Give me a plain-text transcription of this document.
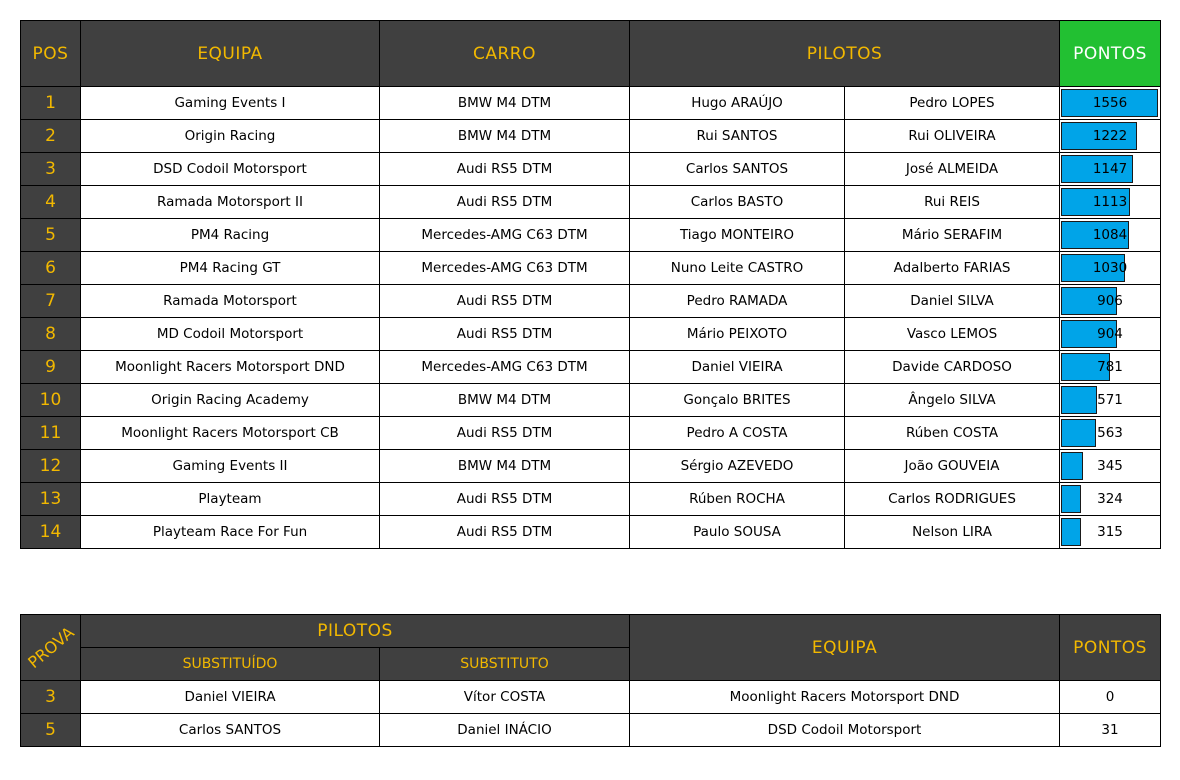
POS	EQUIPA	CARRO	PILOTOS		PONTOS
1	Gaming Events I	BMW M4 DTM	Hugo ARAÚJO	Pedro LOPES	1556
2	Origin Racing	BMW M4 DTM	Rui SANTOS	Rui OLIVEIRA	1222
3	DSD Codoil Motorsport	Audi RS5 DTM	Carlos SANTOS	José ALMEIDA	1147
4	Ramada Motorsport II	Audi RS5 DTM	Carlos BASTO	Rui REIS	1113
5	PM4 Racing	Mercedes-AMG C63 DTM	Tiago MONTEIRO	Mário SERAFIM	1084
6	PM4 Racing GT	Mercedes-AMG C63 DTM	Nuno Leite CASTRO	Adalberto FARIAS	1030
7	Ramada Motorsport	Audi RS5 DTM	Pedro RAMADA	Daniel SILVA	906
8	MD Codoil Motorsport	Audi RS5 DTM	Mário PEIXOTO	Vasco LEMOS	904
9	Moonlight Racers Motorsport DND	Mercedes-AMG C63 DTM	Daniel VIEIRA	Davide CARDOSO	781
10	Origin Racing Academy	BMW M4 DTM	Gonçalo BRITES	Ângelo SILVA	571
11	Moonlight Racers Motorsport CB	Audi RS5 DTM	Pedro A COSTA	Rúben COSTA	563
12	Gaming Events II	BMW M4 DTM	Sérgio AZEVEDO	João GOUVEIA	345
13	Playteam	Audi RS5 DTM	Rúben ROCHA	Carlos RODRIGUES	324
14	Playteam Race For Fun	Audi RS5 DTM	Paulo SOUSA	Nelson LIRA	315
PROVA	PILOTOS		EQUIPA	PONTOS
	SUBSTITUÍDO	SUBSTITUTO		
3	Daniel VIEIRA	Vítor COSTA	Moonlight Racers Motorsport DND	0
5	Carlos SANTOS	Daniel INÁCIO	DSD Codoil Motorsport	31
